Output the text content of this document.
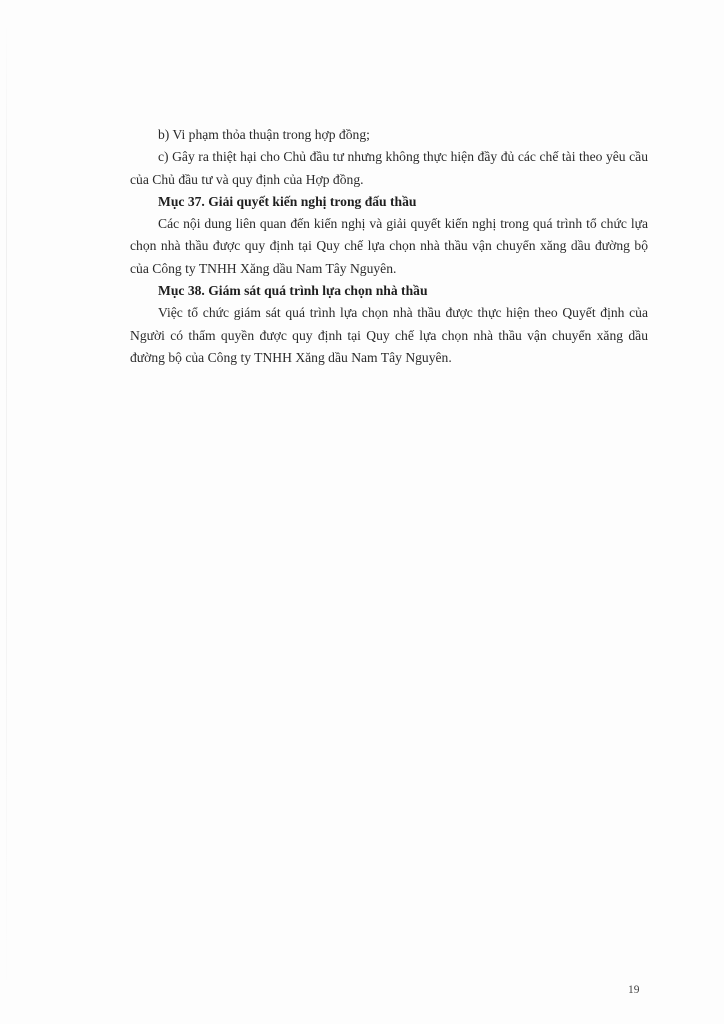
b) Vi phạm thỏa thuận trong hợp đồng;

c) Gây ra thiệt hại cho Chủ đầu tư nhưng không thực hiện đầy đủ các chế tài theo yêu cầu của Chủ đầu tư và quy định của Hợp đồng.

Mục 37. Giải quyết kiến nghị trong đấu thầu

Các nội dung liên quan đến kiến nghị và giải quyết kiến nghị trong quá trình tổ chức lựa chọn nhà thầu được quy định tại Quy chế lựa chọn nhà thầu vận chuyển xăng dầu đường bộ của Công ty TNHH Xăng dầu Nam Tây Nguyên.

Mục 38. Giám sát quá trình lựa chọn nhà thầu

Việc tổ chức giám sát quá trình lựa chọn nhà thầu được thực hiện theo Quyết định của Người có thẩm quyền được quy định tại Quy chế lựa chọn nhà thầu vận chuyển xăng dầu đường bộ của Công ty TNHH Xăng dầu Nam Tây Nguyên.

19
